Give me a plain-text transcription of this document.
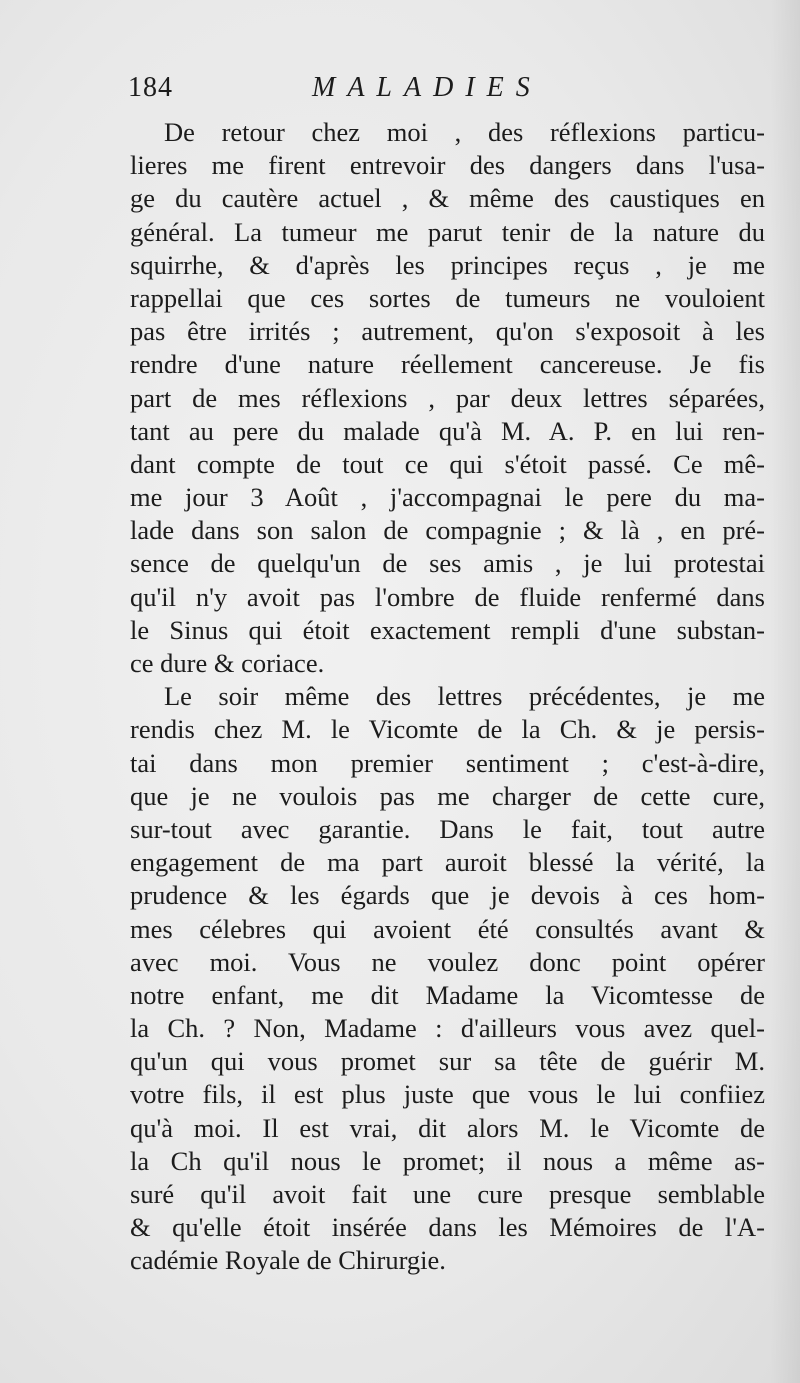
184	MALADIES
De retour chez moi , des réflexions particu-
lieres me firent entrevoir des dangers dans l'usa-
ge du cautère actuel , & même des caustiques en
général. La tumeur me parut tenir de la nature du
squirrhe, & d'après les principes reçus , je me
rappellai que ces sortes de tumeurs ne vouloient
pas être irrités ; autrement, qu'on s'exposoit à les
rendre d'une nature réellement cancereuse. Je fis
part de mes réflexions , par deux lettres séparées,
tant au pere du malade qu'à M. A. P. en lui ren-
dant compte de tout ce qui s'étoit passé. Ce mê-
me jour 3 Août , j'accompagnai le pere du ma-
lade dans son salon de compagnie ; & là , en pré-
sence de quelqu'un de ses amis , je lui protestai
qu'il n'y avoit pas l'ombre de fluide renfermé dans
le Sinus qui étoit exactement rempli d'une substan-
ce dure & coriace.
Le soir même des lettres précédentes, je me
rendis chez M. le Vicomte de la Ch. & je persis-
tai dans mon premier sentiment ; c'est-à-dire,
que je ne voulois pas me charger de cette cure,
sur-tout avec garantie. Dans le fait, tout autre
engagement de ma part auroit blessé la vérité, la
prudence & les égards que je devois à ces hom-
mes célebres qui avoient été consultés avant &
avec moi. Vous ne voulez donc point opérer
notre enfant, me dit Madame la Vicomtesse de
la Ch. ? Non, Madame : d'ailleurs vous avez quel-
qu'un qui vous promet sur sa tête de guérir M.
votre fils, il est plus juste que vous le lui confiiez
qu'à moi. Il est vrai, dit alors M. le Vicomte de
la Ch qu'il nous le promet; il nous a même as-
suré qu'il avoit fait une cure presque semblable
& qu'elle étoit insérée dans les Mémoires de l'A-
cadémie Royale de Chirurgie.
